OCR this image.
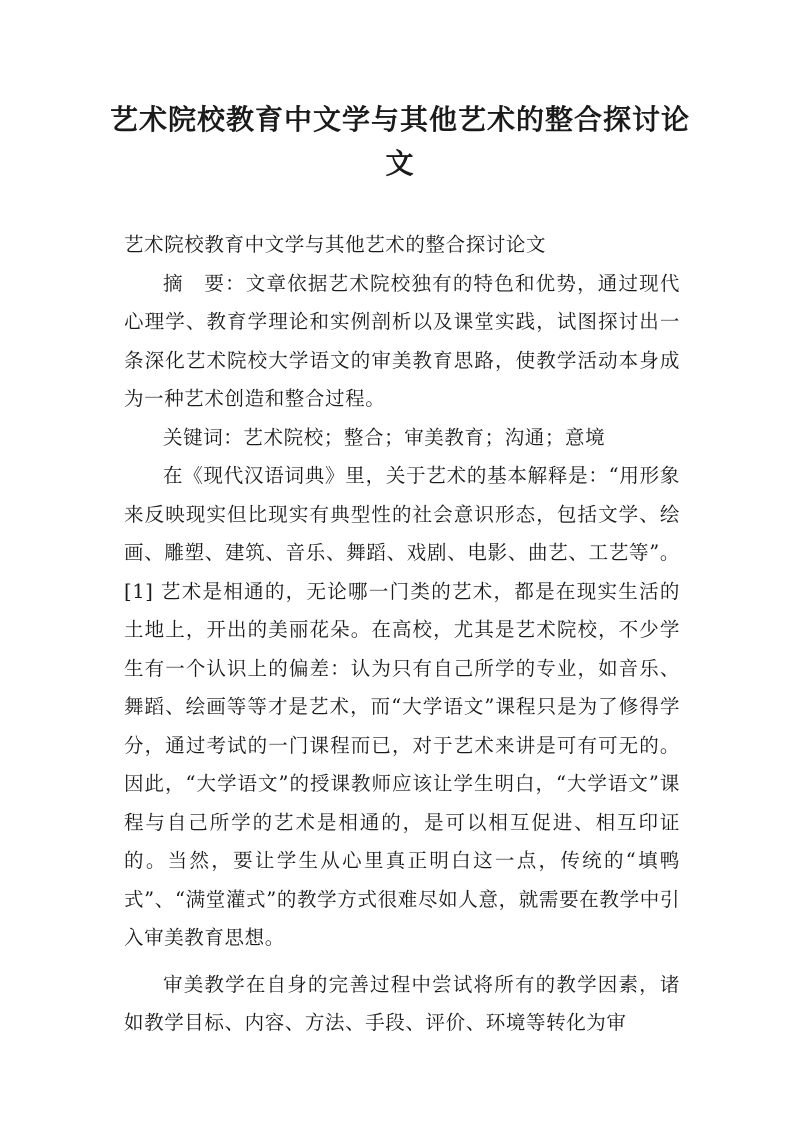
艺术院校教育中文学与其他艺术的整合探讨论文

艺术院校教育中文学与其他艺术的整合探讨论文

摘　要：文章依据艺术院校独有的特色和优势，通过现代心理学、教育学理论和实例剖析以及课堂实践，试图探讨出一条深化艺术院校大学语文的审美教育思路，使教学活动本身成为一种艺术创造和整合过程。

关键词：艺术院校；整合；审美教育；沟通；意境

在《现代汉语词典》里，关于艺术的基本解释是：“用形象来反映现实但比现实有典型性的社会意识形态，包括文学、绘画、雕塑、建筑、音乐、舞蹈、戏剧、电影、曲艺、工艺等”。[1] 艺术是相通的，无论哪一门类的艺术，都是在现实生活的土地上，开出的美丽花朵。在高校，尤其是艺术院校，不少学生有一个认识上的偏差：认为只有自己所学的专业，如音乐、舞蹈、绘画等等才是艺术，而“大学语文”课程只是为了修得学分，通过考试的一门课程而已，对于艺术来讲是可有可无的。因此，“大学语文”的授课教师应该让学生明白，“大学语文”课程与自己所学的艺术是相通的，是可以相互促进、相互印证的。当然，要让学生从心里真正明白这一点，传统的“填鸭式”、“满堂灌式”的教学方式很难尽如人意，就需要在教学中引入审美教育思想。

审美教学在自身的完善过程中尝试将所有的教学因素，诸如教学目标、内容、方法、手段、评价、环境等转化为审
